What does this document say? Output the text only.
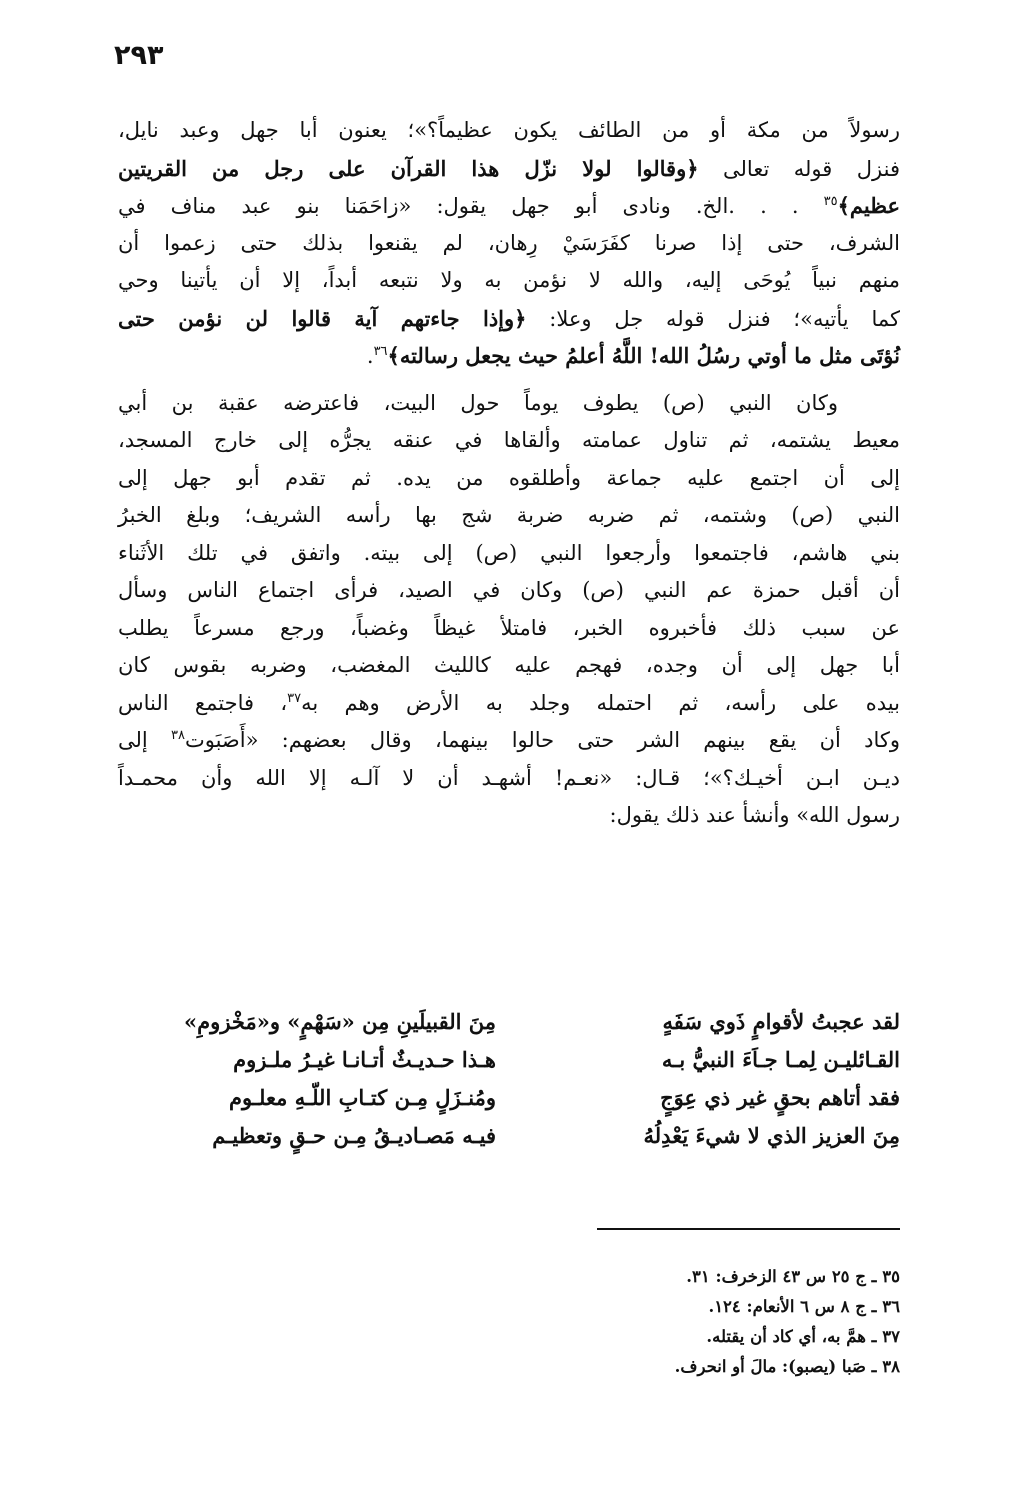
٢٩٣
رسولاً من مكة أو من الطائف يكون عظيماً؟»؛ يعنون أبا جهل وعبد نايل،
فنزل قوله تعالى ﴿وقالوا لولا نزّل هذا القرآن على رجل من القريتين
عظيم﴾$^{٣٥}$ . . .الخ. ونادى أبو جهل يقول: «زاحَمَنا بنو عبد مناف في
الشرف، حتى إذا صرنا كفَرَسَيْ رِهان، لم يقنعوا بذلك حتى زعموا أن
منهم نبياً يُوحَى إليه، والله لا نؤمن به ولا نتبعه أبداً، إلا أن يأتينا وحي
كما يأتيه»؛ فنزل قوله جل وعلا: ﴿وإذا جاءتهم آية قالوا لن نؤمن حتى
نُؤتَى مثل ما أوتي رسُلُ الله! اللَّهُ أعلمُ حيث يجعل رسالته﴾$^{٣٦}$.
وكان النبي (ص) يطوف يوماً حول البيت، فاعترضه عقبة بن أبي
معيط يشتمه، ثم تناول عمامته وألقاها في عنقه يجرُّه إلى خارج المسجد،
إلى أن اجتمع عليه جماعة وأطلقوه من يده. ثم تقدم أبو جهل إلى
النبي (ص) وشتمه، ثم ضربه ضربة شج بها رأسه الشريف؛ وبلغ الخبرُ
بني هاشم، فاجتمعوا وأرجعوا النبي (ص) إلى بيته. واتفق في تلك الأثَناء
أن أقبل حمزة عم النبي (ص) وكان في الصيد، فرأى اجتماع الناس وسأل
عن سبب ذلك فأخبروه الخبر، فامتلأ غيظاً وغضباً، ورجع مسرعاً يطلب
أبا جهل إلى أن وجده، فهجم عليه كالليث المغضب، وضربه بقوس كان
بيده على رأسه، ثم احتمله وجلد به الأرض وهم به$^{٣٧}$، فاجتمع الناس
وكاد أن يقع بينهم الشر حتى حالوا بينهما، وقال بعضهم: «أَصَبَوت$^{٣٨}$ إلى
ديـن ابـن أخيـك؟»؛ قـال: «نعـم! أشهـد أن لا آلـه إلا الله وأن محمـداً
رسول الله» وأنشأ عند ذلك يقول:
لقد عجبتُ لأقوامٍ ذَوي سَفَهٍ
مِنَ القبيلَينِ مِن «سَهْمٍ» و«مَخْزومِ»
القـائليـن لِمـا جـاَءَ النبيُّ بـه
هـذا حـديـثٌ أتـانـا غيـرُ ملـزوم
فقد أتاهم بحقٍ غير ذي عِوَجٍ
ومُنـزَلٍ مِـن كتـابِ اللّـهِ معلـوم
مِنَ العزيز الذي لا شيءَ يَعْدِلُهُ
فيـه مَصـاديـقُ مِـن حـقٍ وتعظيـم
٣٥ ـ ج ٢٥ س ٤٣ الزخرف: ٣١.
٣٦ ـ ج ٨ س ٦ الأنعام: ١٢٤.
٣٧ ـ همَّ به، أي كاد أن يقتله.
٣٨ ـ صَبا (يصبو): مالَ أو انحرف.
